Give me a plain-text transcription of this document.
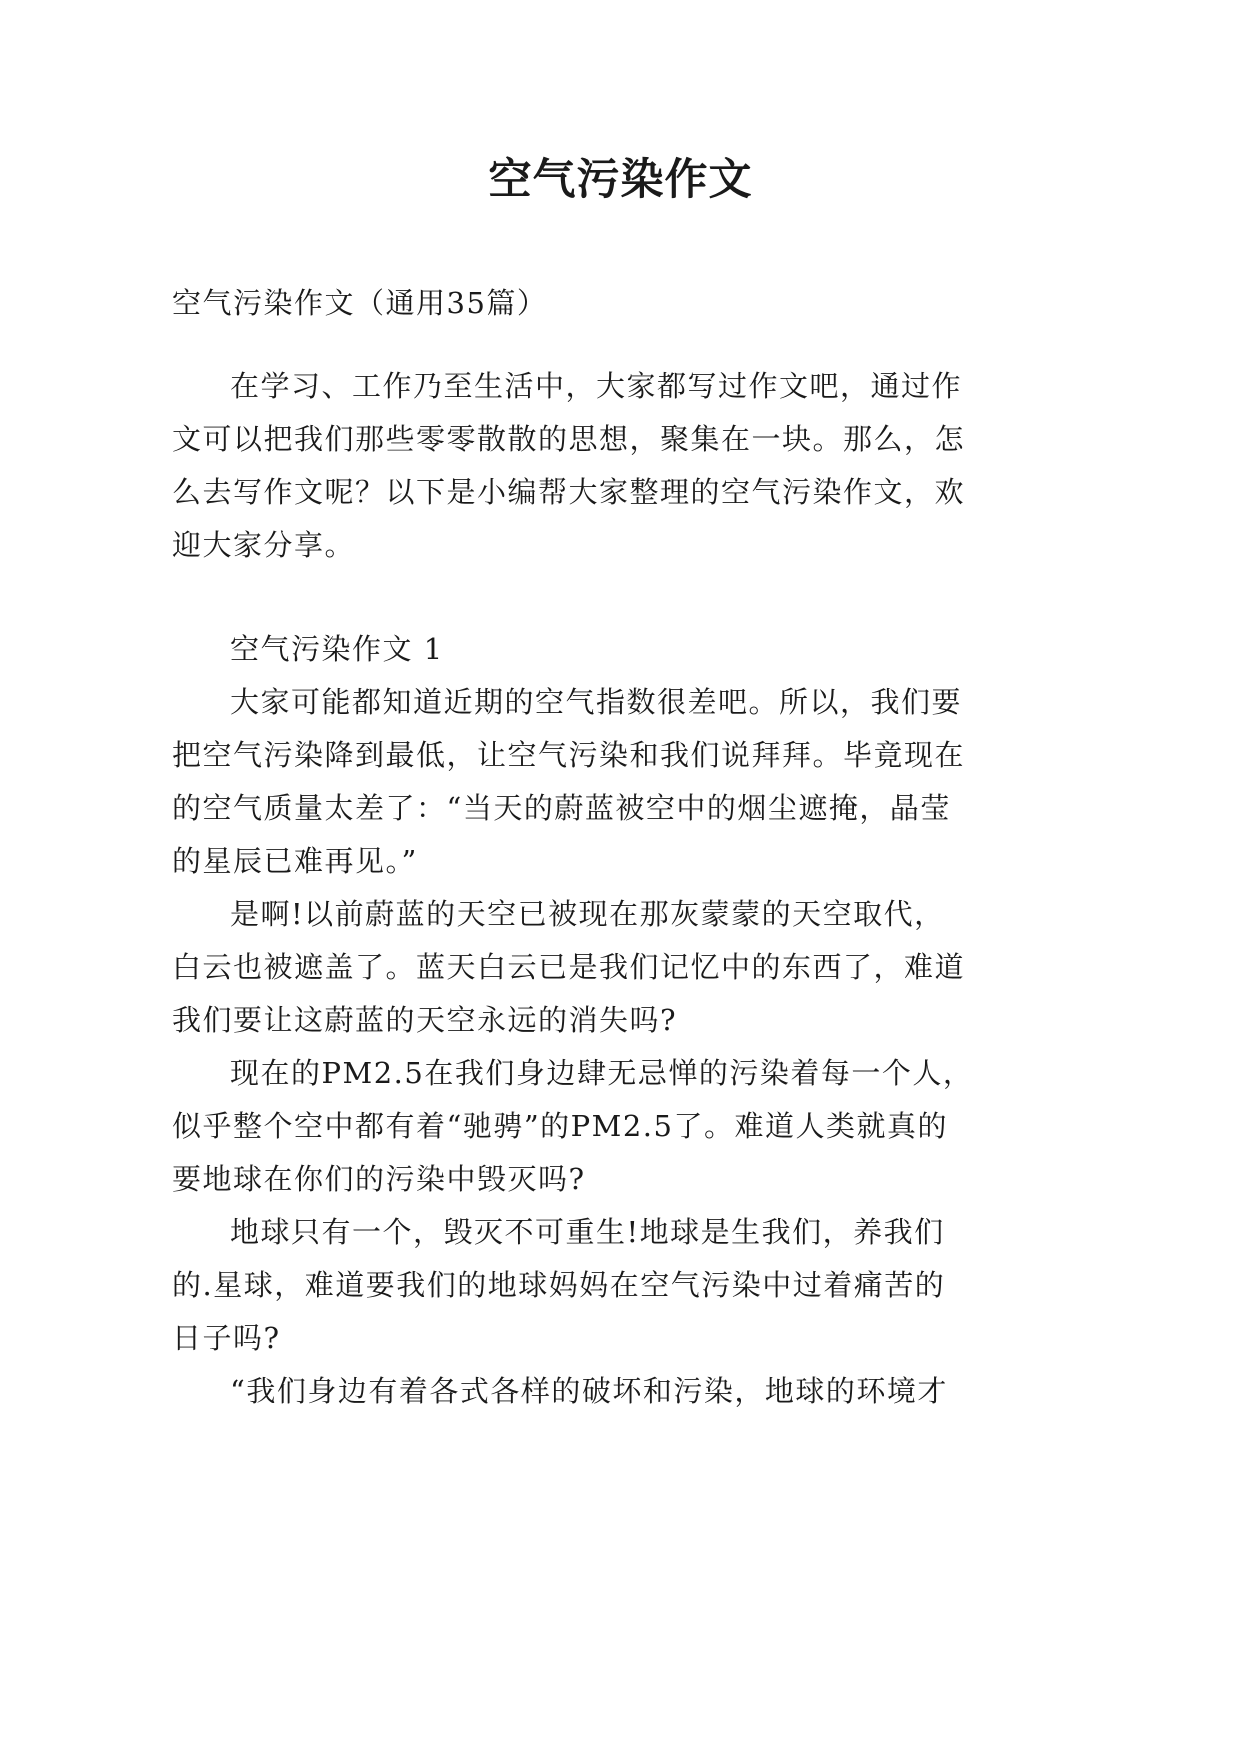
空气污染作文

空气污染作文（通用35篇）

在学习、工作乃至生活中，大家都写过作文吧，通过作

文可以把我们那些零零散散的思想，聚集在一块。那么，怎

么去写作文呢？以下是小编帮大家整理的空气污染作文，欢

迎大家分享。

空气污染作文 1

大家可能都知道近期的空气指数很差吧。所以，我们要

把空气污染降到最低，让空气污染和我们说拜拜。毕竟现在

的空气质量太差了：“当天的蔚蓝被空中的烟尘遮掩，晶莹

的星辰已难再见。”

是啊!以前蔚蓝的天空已被现在那灰蒙蒙的天空取代，

白云也被遮盖了。蓝天白云已是我们记忆中的东西了，难道

我们要让这蔚蓝的天空永远的消失吗?

现在的PM2.5在我们身边肆无忌惮的污染着每一个人，

似乎整个空中都有着“驰骋”的PM2.5了。难道人类就真的

要地球在你们的污染中毁灭吗?

地球只有一个，毁灭不可重生!地球是生我们，养我们

的.星球，难道要我们的地球妈妈在空气污染中过着痛苦的

日子吗?

“我们身边有着各式各样的破坏和污染，地球的环境才
